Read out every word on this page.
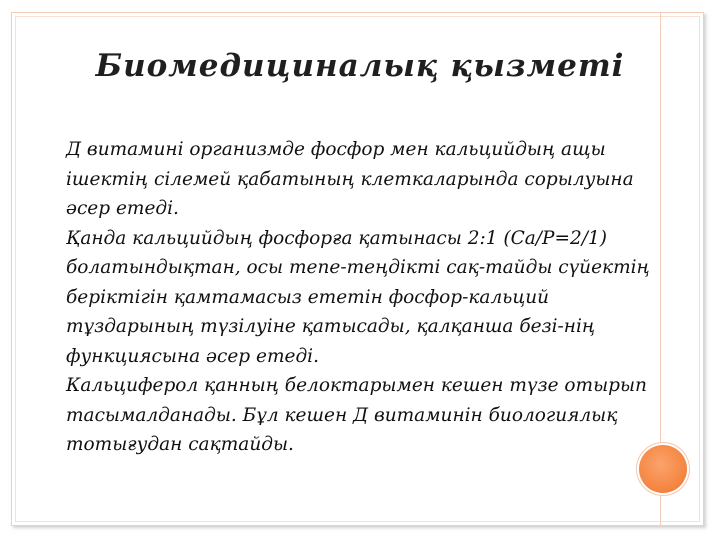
Биомедициналық қызметі

Д витамині организмде фосфор мен кальцийдың ащы
ішектің сілемей қабатының клеткаларында сорылуына
әсер етеді.

Қанда кальцийдың фосфорға қатынасы 2:1 (Ca/P=2/1)
болатындықтан, осы тепе-теңдікті сақ-тайды сүйектің
беріктігін қамтамасыз ететін фосфор-кальций
тұздарының түзілуіне қатысады, қалқанша безі-нің
функциясына әсер етеді.

Кальциферол қанның белоктарымен кешен түзе отырып
тасымалданады. Бұл кешен Д витаминін биологиялық
тотығудан сақтайды.
